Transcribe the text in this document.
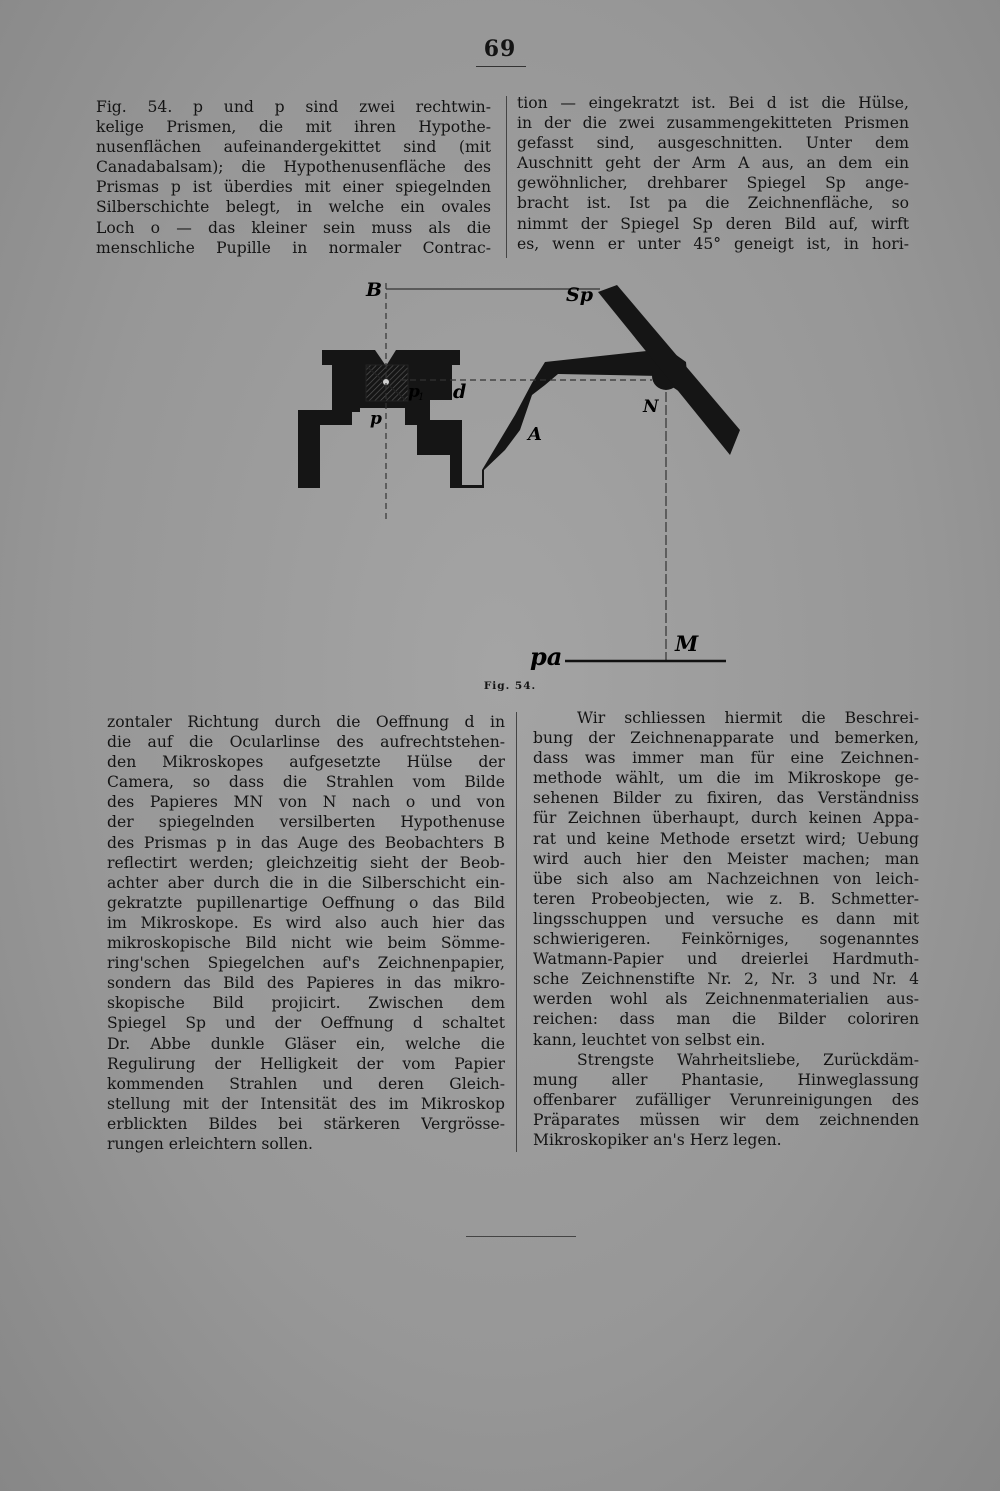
69

Fig. 54. p und p sind zwei rechtwin-

kelige Prismen, die mit ihren Hypothe-

nusenflächen aufeinandergekittet sind (mit

Canadabalsam); die Hypothenusenfläche des

Prismas p ist überdies mit einer spiegelnden

Silberschichte belegt, in welche ein ovales

Loch o — das kleiner sein muss als die

menschliche Pupille in normaler Contrac-

tion — eingekratzt ist. Bei d ist die Hülse,

in der die zwei zusammengekitteten Prismen

gefasst sind, ausgeschnitten. Unter dem

Auschnitt geht der Arm A aus, an dem ein

gewöhnlicher, drehbarer Spiegel Sp ange-

bracht ist. Ist pa die Zeichnenfläche, so

nimmt der Spiegel Sp deren Bild auf, wirft

es, wenn er unter 45° geneigt ist, in hori-

B	Sp
p
1 d
p
N
A
pa	M
Fig. 54.

zontaler Richtung durch die Oeffnung d in

die auf die Ocularlinse des aufrechtstehen-

den Mikroskopes aufgesetzte Hülse der

Camera, so dass die Strahlen vom Bilde

des Papieres MN von N nach o und von

der spiegelnden versilberten Hypothenuse

des Prismas p in das Auge des Beobachters B

reflectirt werden; gleichzeitig sieht der Beob-

achter aber durch die in die Silberschicht ein-

gekratzte pupillenartige Oeffnung o das Bild

im Mikroskope. Es wird also auch hier das

mikroskopische Bild nicht wie beim Sömme-

ring'schen Spiegelchen auf's Zeichnenpapier,

sondern das Bild des Papieres in das mikro-

skopische Bild projicirt. Zwischen dem

Spiegel Sp und der Oeffnung d schaltet

Dr. Abbe dunkle Gläser ein, welche die

Regulirung der Helligkeit der vom Papier

kommenden Strahlen und deren Gleich-

stellung mit der Intensität des im Mikroskop

erblickten Bildes bei stärkeren Vergrösse-

rungen erleichtern sollen.

Wir schliessen hiermit die Beschrei-

bung der Zeichnenapparate und bemerken,

dass was immer man für eine Zeichnen-

methode wählt, um die im Mikroskope ge-

sehenen Bilder zu fixiren, das Verständniss

für Zeichnen überhaupt, durch keinen Appa-

rat und keine Methode ersetzt wird; Uebung

wird auch hier den Meister machen; man

übe sich also am Nachzeichnen von leich-

teren Probeobjecten, wie z. B. Schmetter-

lingsschuppen und versuche es dann mit

schwierigeren. Feinkörniges, sogenanntes

Watmann-Papier und dreierlei Hardmuth-

sche Zeichnenstifte Nr. 2, Nr. 3 und Nr. 4

werden wohl als Zeichnenmaterialien aus-

reichen: dass man die Bilder coloriren

kann, leuchtet von selbst ein.

Strengste Wahrheitsliebe, Zurückdäm-

mung aller Phantasie, Hinweglassung

offenbarer zufälliger Verunreinigungen des

Präparates müssen wir dem zeichnenden

Mikroskopiker an's Herz legen.
